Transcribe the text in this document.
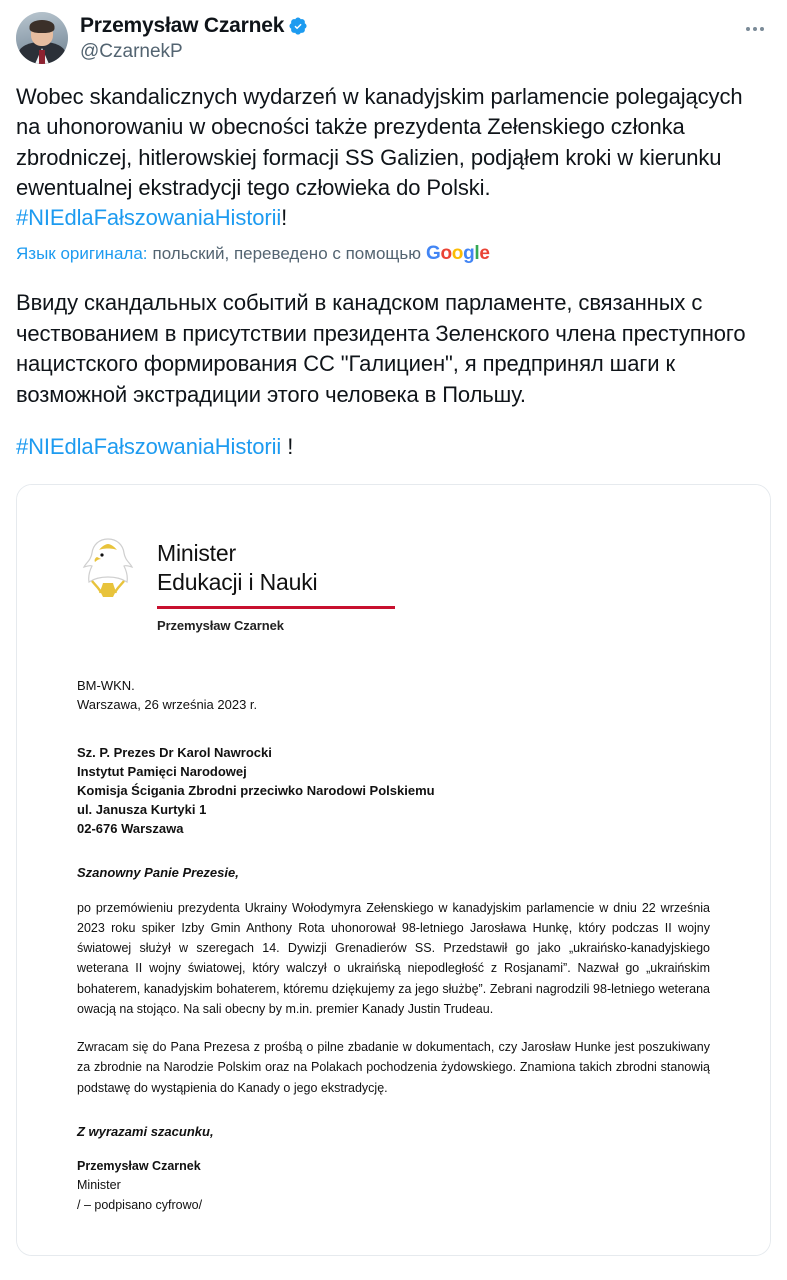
Przemysław Czarnek
@CzarnekP

Wobec skandalicznych wydarzeń w kanadyjskim parlamencie polegających na uhonorowaniu w obecności także prezydenta Zełenskiego członka zbrodniczej, hitlerowskiej formacji SS Galizien, podjąłem kroki w kierunku ewentualnej ekstradycji tego człowieka do Polski.

#NIEdlaFałszowaniaHistorii!

Язык оригинала: польский, переведено с помощью G o o g l e

Ввиду скандальных событий в канадском парламенте, связанных с чествованием в присутствии президента Зеленского члена преступного нацистского формирования СС "Галициен", я предпринял шаги к возможной экстрадиции этого человека в Польшу.

#NIEdlaFałszowaniaHistorii !

Minister
Edukacji i Nauki
Przemysław Czarnek
BM-WKN.
Warszawa, 26 września 2023 r.
Sz. P. Prezes Dr Karol Nawrocki
Instytut Pamięci Narodowej
Komisja Ścigania Zbrodni przeciwko Narodowi Polskiemu
ul. Janusza Kurtyki 1
02-676 Warszawa
Szanowny Panie Prezesie,
po przemówieniu prezydenta Ukrainy Wołodymyra Zełenskiego w kanadyjskim parlamencie w dniu 22 września 2023 roku spiker Izby Gmin Anthony Rota uhonorował 98-letniego Jarosława Hunkę, który podczas II wojny światowej służył w szeregach 14. Dywizji Grenadierów SS. Przedstawił go jako „ukraińsko-kanadyjskiego weterana II wojny światowej, który walczył o ukraińską niepodległość z Rosjanami”. Nazwał go „ukraińskim bohaterem, kanadyjskim bohaterem, któremu dziękujemy za jego służbę”. Zebrani nagrodzili 98-letniego weterana owacją na stojąco. Na sali obecny by m.in. premier Kanady Justin Trudeau.
Zwracam się do Pana Prezesa z prośbą o pilne zbadanie w dokumentach, czy Jarosław Hunke jest poszukiwany za zbrodnie na Narodzie Polskim oraz na Polakach pochodzenia żydowskiego. Znamiona takich zbrodni stanowią podstawę do wystąpienia do Kanady o jego ekstradycję.
Z wyrazami szacunku,
Przemysław Czarnek
Minister
/ – podpisano cyfrowo/
